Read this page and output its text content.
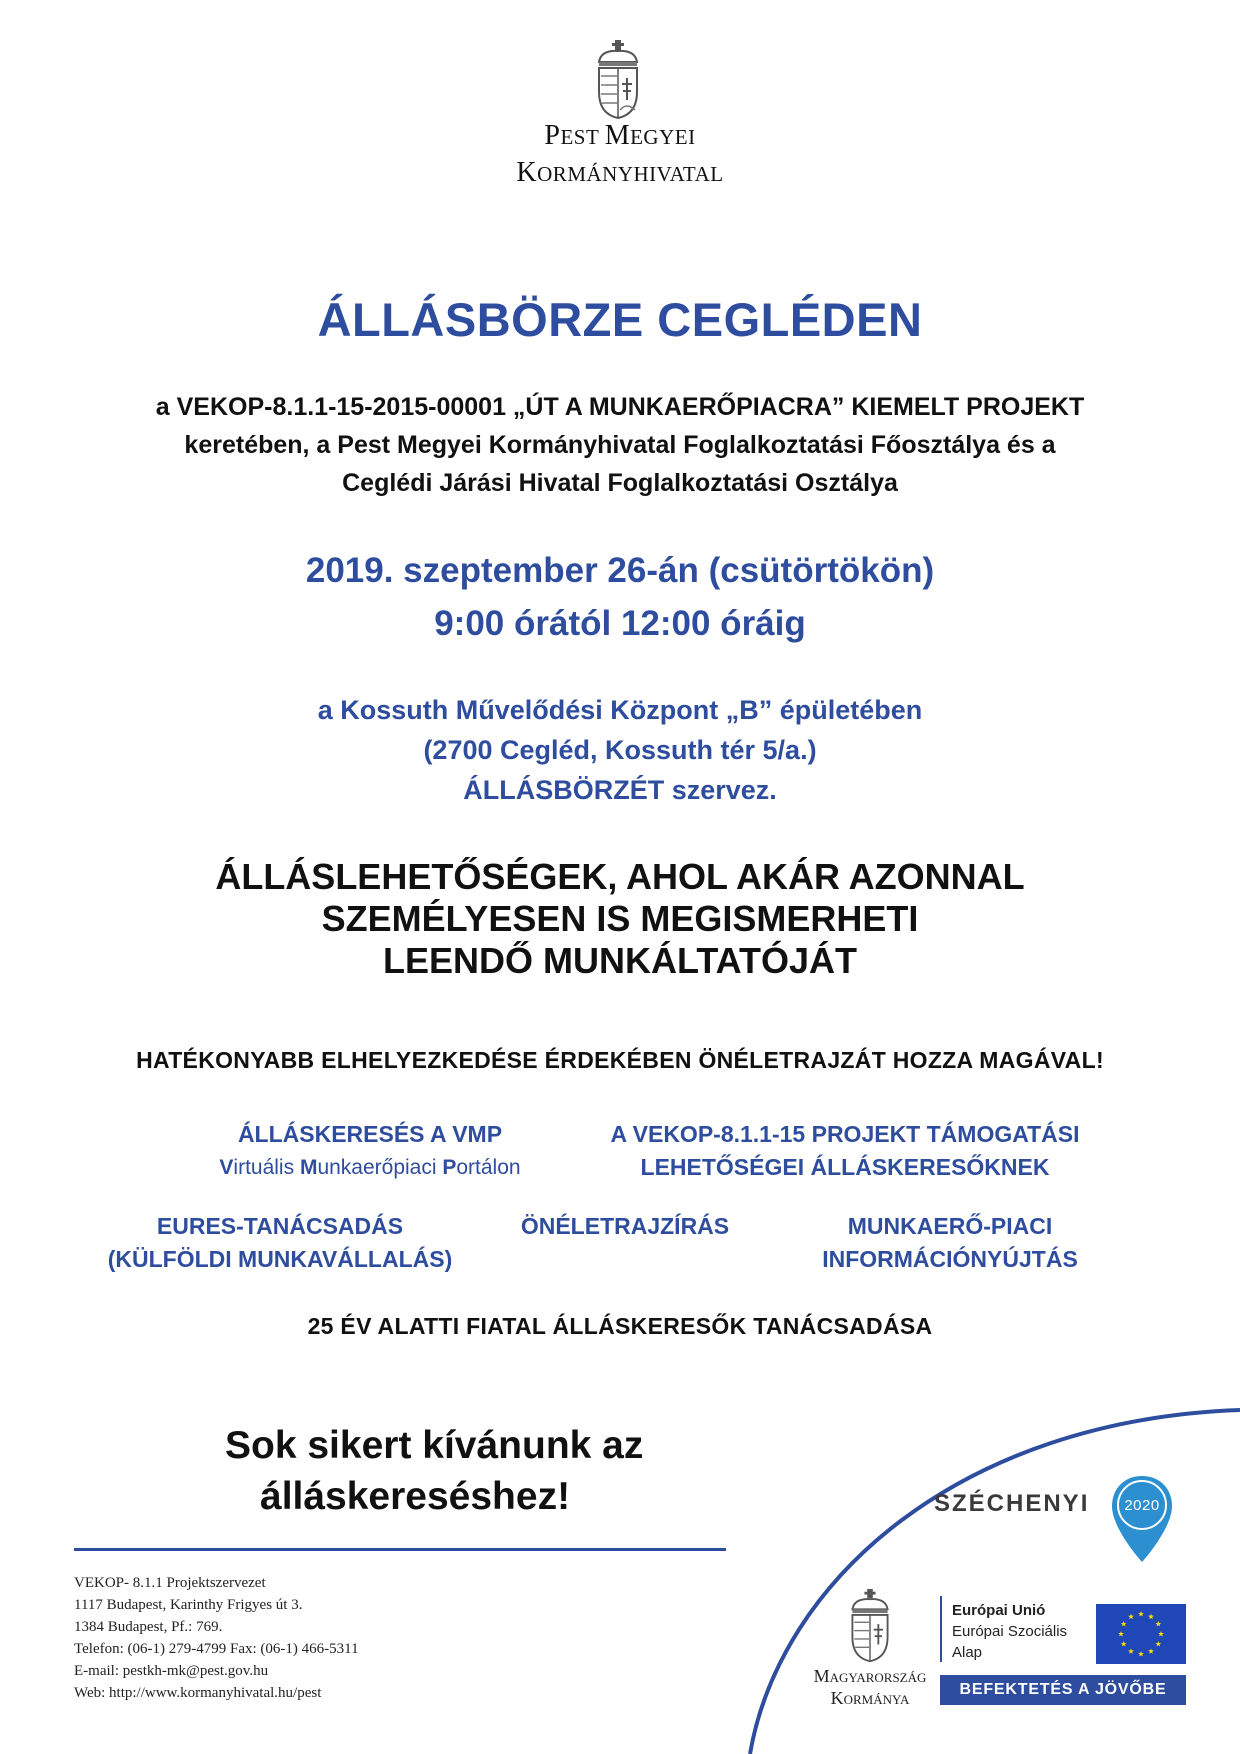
PEST MEGYEI
KORMÁNYHIVATAL
ÁLLÁSBÖRZE CEGLÉDEN
a VEKOP-8.1.1-15-2015-00001 „ÚT A MUNKAERŐPIACRA” KIEMELT PROJEKT
keretében, a Pest Megyei Kormányhivatal Foglalkoztatási Főosztálya és a
Ceglédi Járási Hivatal Foglalkoztatási Osztálya
2019. szeptember 26-án (csütörtökön)
9:00 órától 12:00 óráig
a Kossuth Művelődési Központ „B” épületében
(2700 Cegléd, Kossuth tér 5/a.)
ÁLLÁSBÖRZÉT szervez.
ÁLLÁSLEHETŐSÉGEK, AHOL AKÁR AZONNAL
SZEMÉLYESEN IS MEGISMERHETI
LEENDŐ MUNKÁLTATÓJÁT
HATÉKONYABB ELHELYEZKEDÉSE ÉRDEKÉBEN ÖNÉLETRAJZÁT HOZZA MAGÁVAL!
ÁLLÁSKERESÉS A VMP
Virtuális Munkaerőpiaci Portálon
A VEKOP-8.1.1-15 PROJEKT TÁMOGATÁSI
LEHETŐSÉGEI ÁLLÁSKERESŐKNEK
EURES-TANÁCSADÁS
(KÜLFÖLDI MUNKAVÁLLALÁS)
ÖNÉLETRAJZÍRÁS	MUNKAERŐ-PIACI
INFORMÁCIÓNYÚJTÁS
25 ÉV ALATTI FIATAL ÁLLÁSKERESŐK TANÁCSADÁSA
Sok sikert kívánunk az
álláskereséshez!
VEKOP- 8.1.1 Projektszervezet
1117 Budapest, Karinthy Frigyes út 3.
1384 Budapest, Pf.: 769.
Telefon: (06-1) 279-4799 Fax: (06-1) 466-5311
E-mail: pestkh-mk@pest.gov.hu
Web: http://www.kormanyhivatal.hu/pest
SZÉCHENYI	2020
MAGYARORSZÁG
KORMÁNYA
Európai Unió
Európai Szociális
Alap
BEFEKTETÉS A JÖVŐBE
